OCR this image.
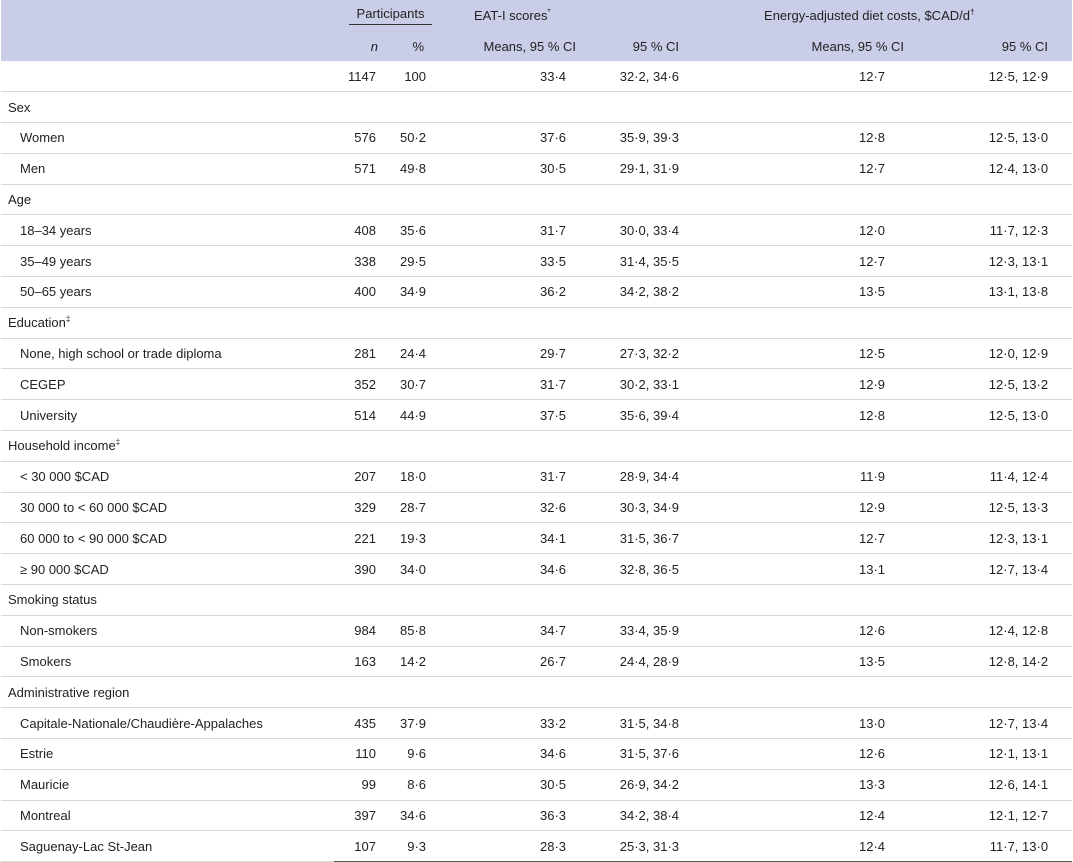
	Participants		EAT-I scores*		Energy-adjusted diet costs, $CAD/d†
	n	%	Means, 95 % CI	95 % CI	Means, 95 % CI	95 % CI
	1147	100	33·4	32·2, 34·6	12·7	12·5, 12·9
Sex						
Women	576	50·2	37·6	35·9, 39·3	12·8	12·5, 13·0
Men	571	49·8	30·5	29·1, 31·9	12·7	12·4, 13·0
Age						
18–34 years	408	35·6	31·7	30·0, 33·4	12·0	11·7, 12·3
35–49 years	338	29·5	33·5	31·4, 35·5	12·7	12·3, 13·1
50–65 years	400	34·9	36·2	34·2, 38·2	13·5	13·1, 13·8
Education‡
None, high school or trade diploma	281	24·4	29·7	27·3, 32·2	12·5	12·0, 12·9
CEGEP	352	30·7	31·7	30·2, 33·1	12·9	12·5, 13·2
University	514	44·9	37·5	35·6, 39·4	12·8	12·5, 13·0
Household income‡
< 30 000 $CAD	207	18·0	31·7	28·9, 34·4	11·9	11·4, 12·4
30 000 to < 60 000 $CAD	329	28·7	32·6	30·3, 34·9	12·9	12·5, 13·3
60 000 to < 90 000 $CAD	221	19·3	34·1	31·5, 36·7	12·7	12·3, 13·1
≥ 90 000 $CAD	390	34·0	34·6	32·8, 36·5	13·1	12·7, 13·4
Smoking status						
Non-smokers	984	85·8	34·7	33·4, 35·9	12·6	12·4, 12·8
Smokers	163	14·2	26·7	24·4, 28·9	13·5	12·8, 14·2
Administrative region						
Capitale-Nationale/Chaudière-Appalaches	435	37·9	33·2	31·5, 34·8	13·0	12·7, 13·4
Estrie	110	9·6	34·6	31·5, 37·6	12·6	12·1, 13·1
Mauricie	99	8·6	30·5	26·9, 34·2	13·3	12·6, 14·1
Montreal	397	34·6	36·3	34·2, 38·4	12·4	12·1, 12·7
Saguenay-Lac St-Jean	107	9·3	28·3	25·3, 31·3	12·4	11·7, 13·0
